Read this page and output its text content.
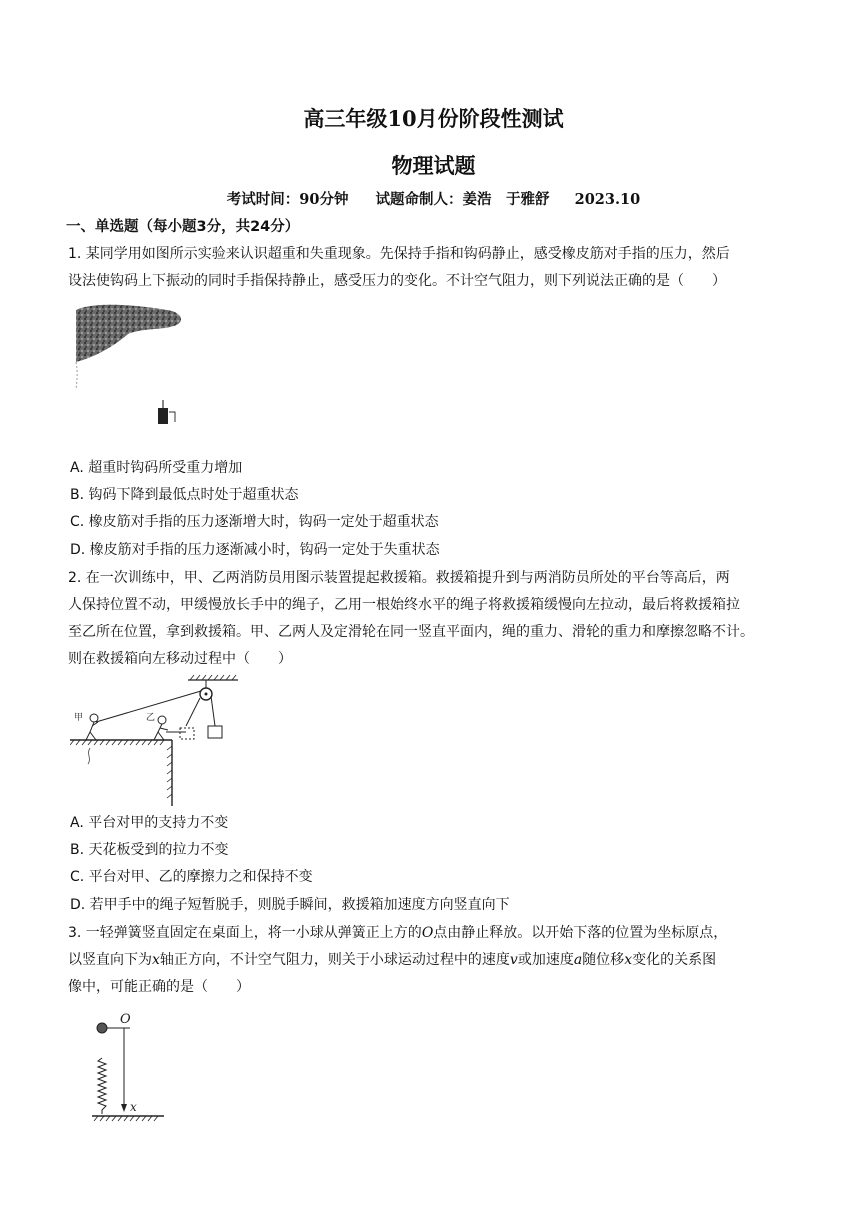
高三年级10月份阶段性测试
物理试题
考试时间：90分钟 试题命制人：姜浩　于雅舒 2023.10
一、单选题（每小题3分，共24分）
1. 某同学用如图所示实验来认识超重和失重现象。先保持手指和钩码静止，感受橡皮筋对手指的压力，然后
设法使钩码上下振动的同时手指保持静止，感受压力的变化。不计空气阻力，则下列说法正确的是（　　）
A. 超重时钩码所受重力增加
B. 钩码下降到最低点时处于超重状态
C. 橡皮筋对手指的压力逐渐增大时，钩码一定处于超重状态
D. 橡皮筋对手指的压力逐渐减小时，钩码一定处于失重状态
2. 在一次训练中，甲、乙两消防员用图示装置提起救援箱。救援箱提升到与两消防员所处的平台等高后，两
人保持位置不动，甲缓慢放长手中的绳子，乙用一根始终水平的绳子将救援箱缓慢向左拉动，最后将救援箱拉
至乙所在位置，拿到救援箱。甲、乙两人及定滑轮在同一竖直平面内，绳的重力、滑轮的重力和摩擦忽略不计。
则在救援箱向左移动过程中（　　）
甲	乙
A. 平台对甲的支持力不变
B. 天花板受到的拉力不变
C. 平台对甲、乙的摩擦力之和保持不变
D. 若甲手中的绳子短暂脱手，则脱手瞬间，救援箱加速度方向竖直向下
3. 一轻弹簧竖直固定在桌面上，将一小球从弹簧正上方的O点由静止释放。以开始下落的位置为坐标原点，
以竖直向下为x轴正方向，不计空气阻力，则关于小球运动过程中的速度v或加速度a随位移x变化的关系图
像中，可能正确的是（　　）
O
x
